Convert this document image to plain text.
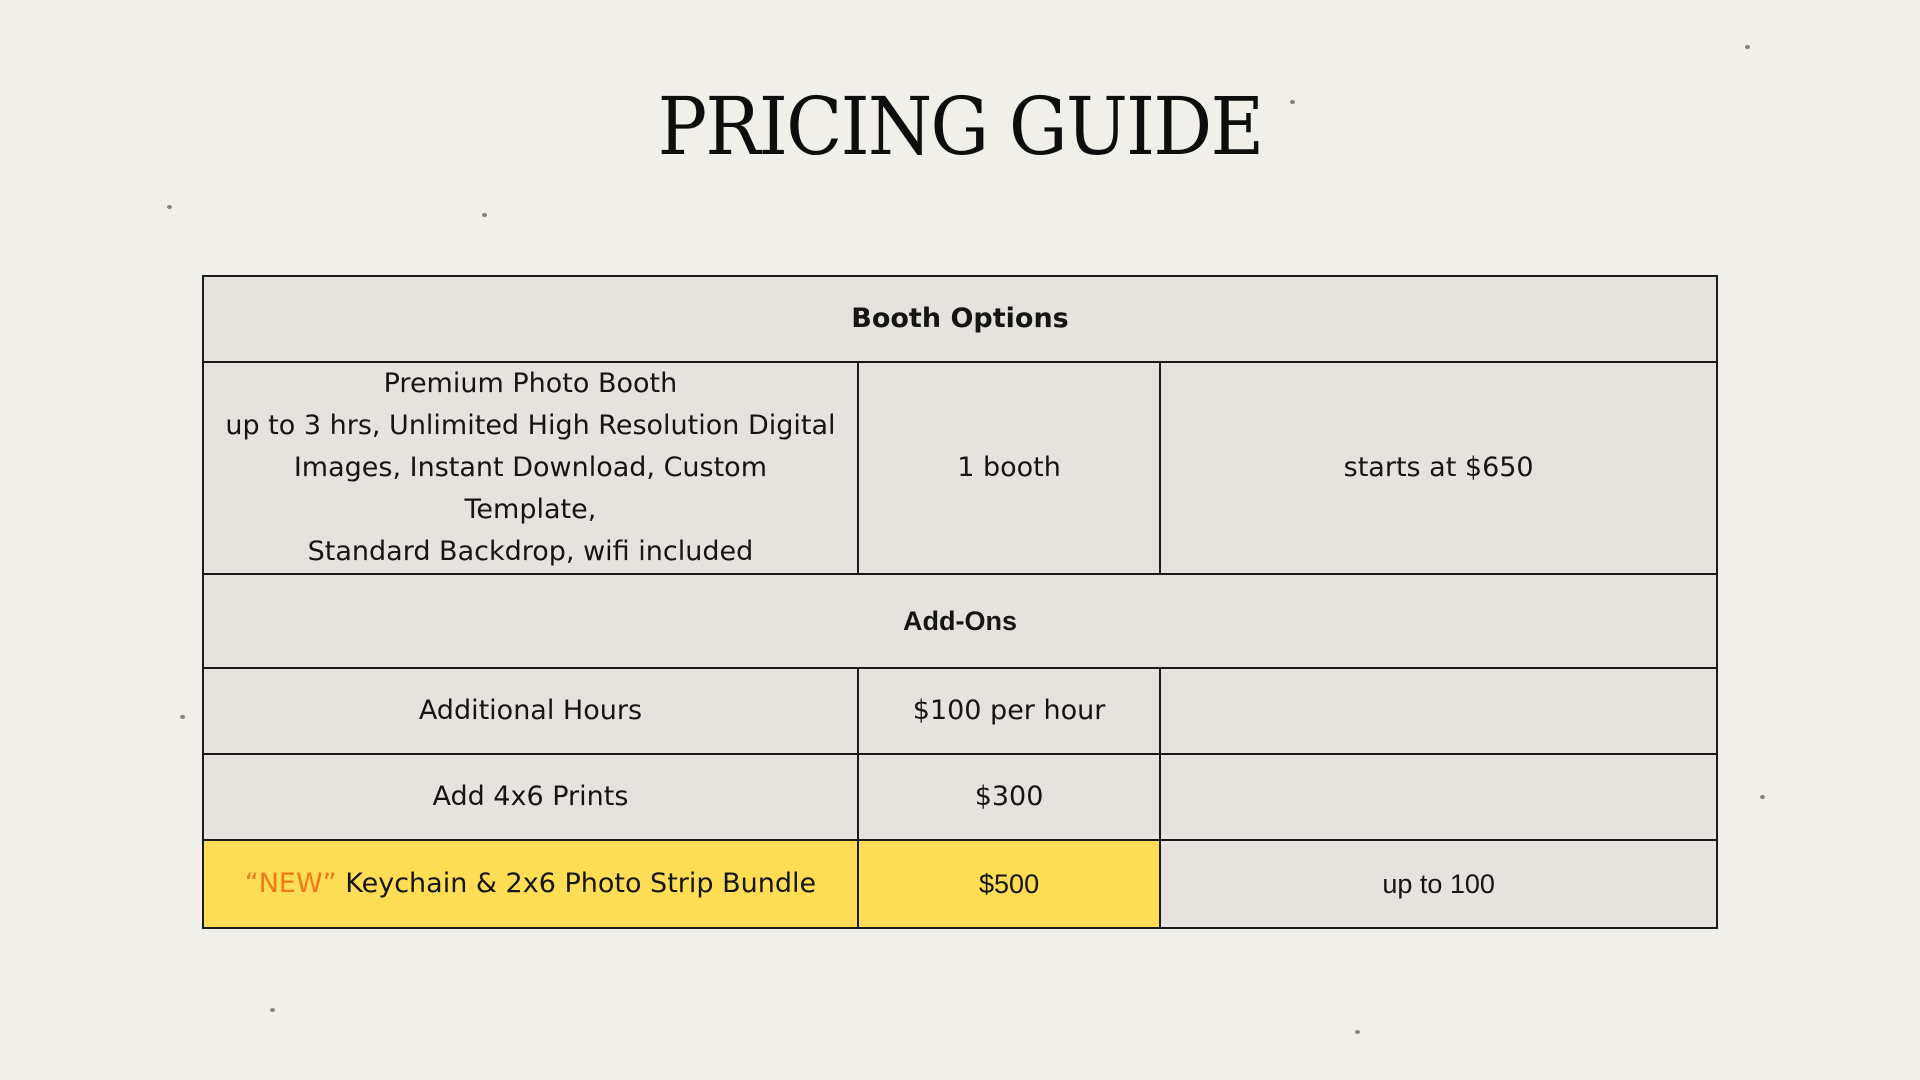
PRICING GUIDE
Booth Options		

Premium Photo Booth
up to 3 hrs, Unlimited High Resolution Digital
Images, Instant Download, Custom Template,
Standard Backdrop, wifi included	1 booth	starts at $650
Add-Ons		
Additional Hours	$100 per hour	
Add 4x6 Prints	$300	
“NEW” Keychain & 2x6 Photo Strip Bundle	$500	up to 100
